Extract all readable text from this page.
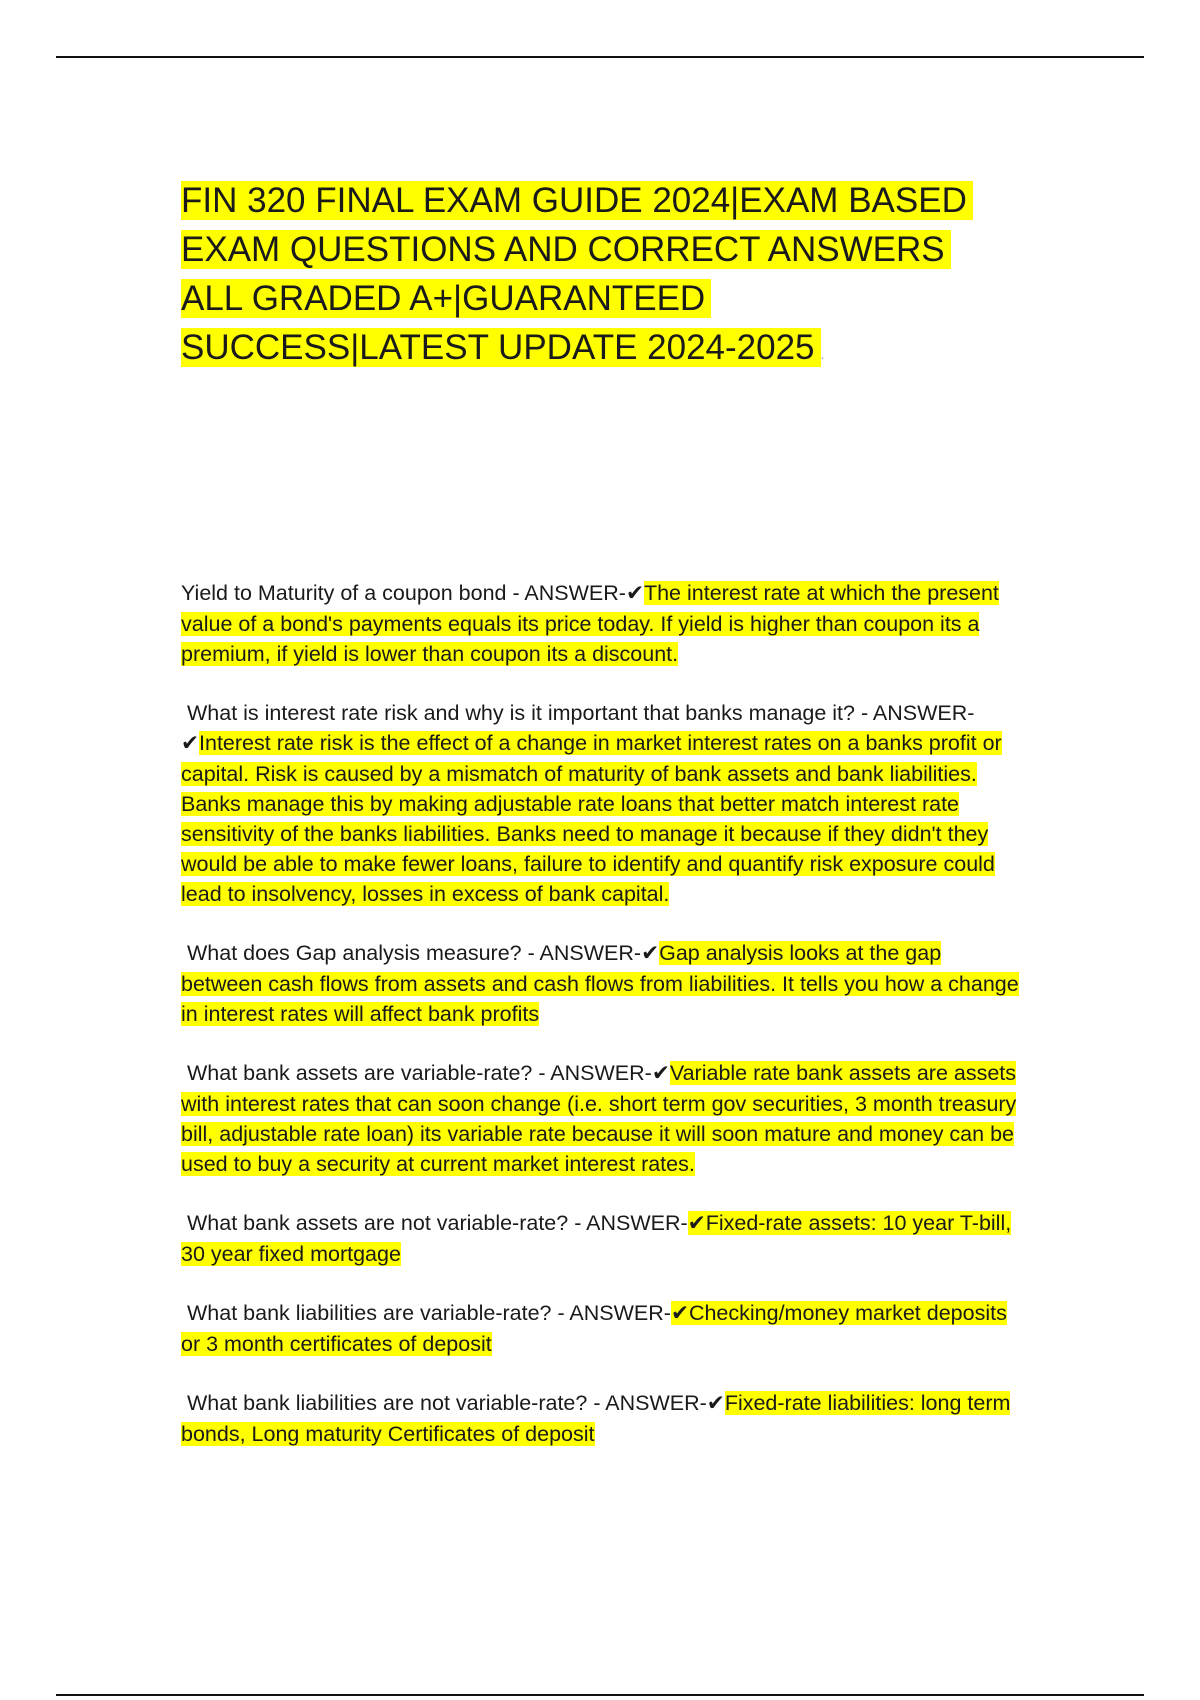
FIN 320 FINAL EXAM GUIDE 2024|EXAM BASED EXAM QUESTIONS AND CORRECT ANSWERS ALL GRADED A+|GUARANTEED SUCCESS|LATEST UPDATE 2024-2025 .
Yield to Maturity of a coupon bond - ANSWER-✔The interest rate at which the present value of a bond's payments equals its price today. If yield is higher than coupon its a premium, if yield is lower than coupon its a discount.
What is interest rate risk and why is it important that banks manage it? - ANSWER-✔Interest rate risk is the effect of a change in market interest rates on a banks profit or capital. Risk is caused by a mismatch of maturity of bank assets and bank liabilities. Banks manage this by making adjustable rate loans that better match interest rate sensitivity of the banks liabilities. Banks need to manage it because if they didn't they would be able to make fewer loans, failure to identify and quantify risk exposure could lead to insolvency, losses in excess of bank capital.
What does Gap analysis measure? - ANSWER-✔Gap analysis looks at the gap between cash flows from assets and cash flows from liabilities. It tells you how a change in interest rates will affect bank profits
What bank assets are variable-rate? - ANSWER-✔Variable rate bank assets are assets with interest rates that can soon change (i.e. short term gov securities, 3 month treasury bill, adjustable rate loan) its variable rate because it will soon mature and money can be used to buy a security at current market interest rates.
What bank assets are not variable-rate? - ANSWER-✔Fixed-rate assets: 10 year T-bill, 30 year fixed mortgage
What bank liabilities are variable-rate? - ANSWER-✔Checking/money market deposits or 3 month certificates of deposit
What bank liabilities are not variable-rate? - ANSWER-✔Fixed-rate liabilities: long term bonds, Long maturity Certificates of deposit
